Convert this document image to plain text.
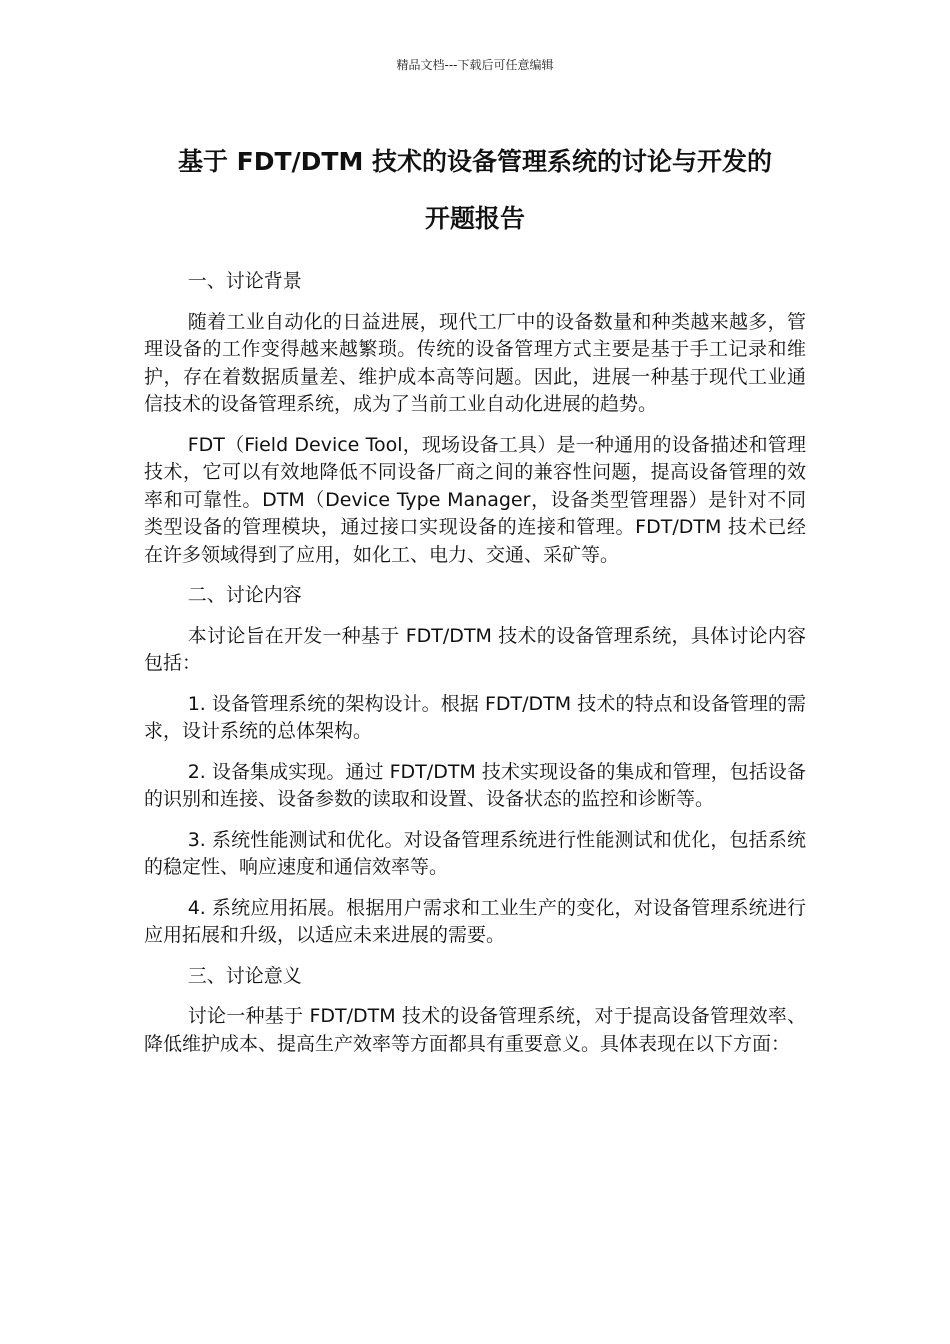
精品文档---下载后可任意编辑
基于 FDT/DTM 技术的设备管理系统的讨论与开发的
开题报告

一、讨论背景

随着工业自动化的日益进展，现代工厂中的设备数量和种类越来越多，管理设备的工作变得越来越繁琐。传统的设备管理方式主要是基于手工记录和维护，存在着数据质量差、维护成本高等问题。因此，进展一种基于现代工业通信技术的设备管理系统，成为了当前工业自动化进展的趋势。

FDT（Field Device Tool，现场设备工具）是一种通用的设备描述和管理技术，它可以有效地降低不同设备厂商之间的兼容性问题，提高设备管理的效率和可靠性。DTM（Device Type Manager，设备类型管理器）是针对不同类型设备的管理模块，通过接口实现设备的连接和管理。FDT/DTM 技术已经在许多领域得到了应用，如化工、电力、交通、采矿等。

二、讨论内容

本讨论旨在开发一种基于 FDT/DTM 技术的设备管理系统，具体讨论内容包括：

1. 设备管理系统的架构设计。根据 FDT/DTM 技术的特点和设备管理的需求，设计系统的总体架构。

2. 设备集成实现。通过 FDT/DTM 技术实现设备的集成和管理，包括设备的识别和连接、设备参数的读取和设置、设备状态的监控和诊断等。

3. 系统性能测试和优化。对设备管理系统进行性能测试和优化，包括系统的稳定性、响应速度和通信效率等。

4. 系统应用拓展。根据用户需求和工业生产的变化，对设备管理系统进行应用拓展和升级，以适应未来进展的需要。

三、讨论意义

讨论一种基于 FDT/DTM 技术的设备管理系统，对于提高设备管理效率、降低维护成本、提高生产效率等方面都具有重要意义。具体表现在以下方面：
